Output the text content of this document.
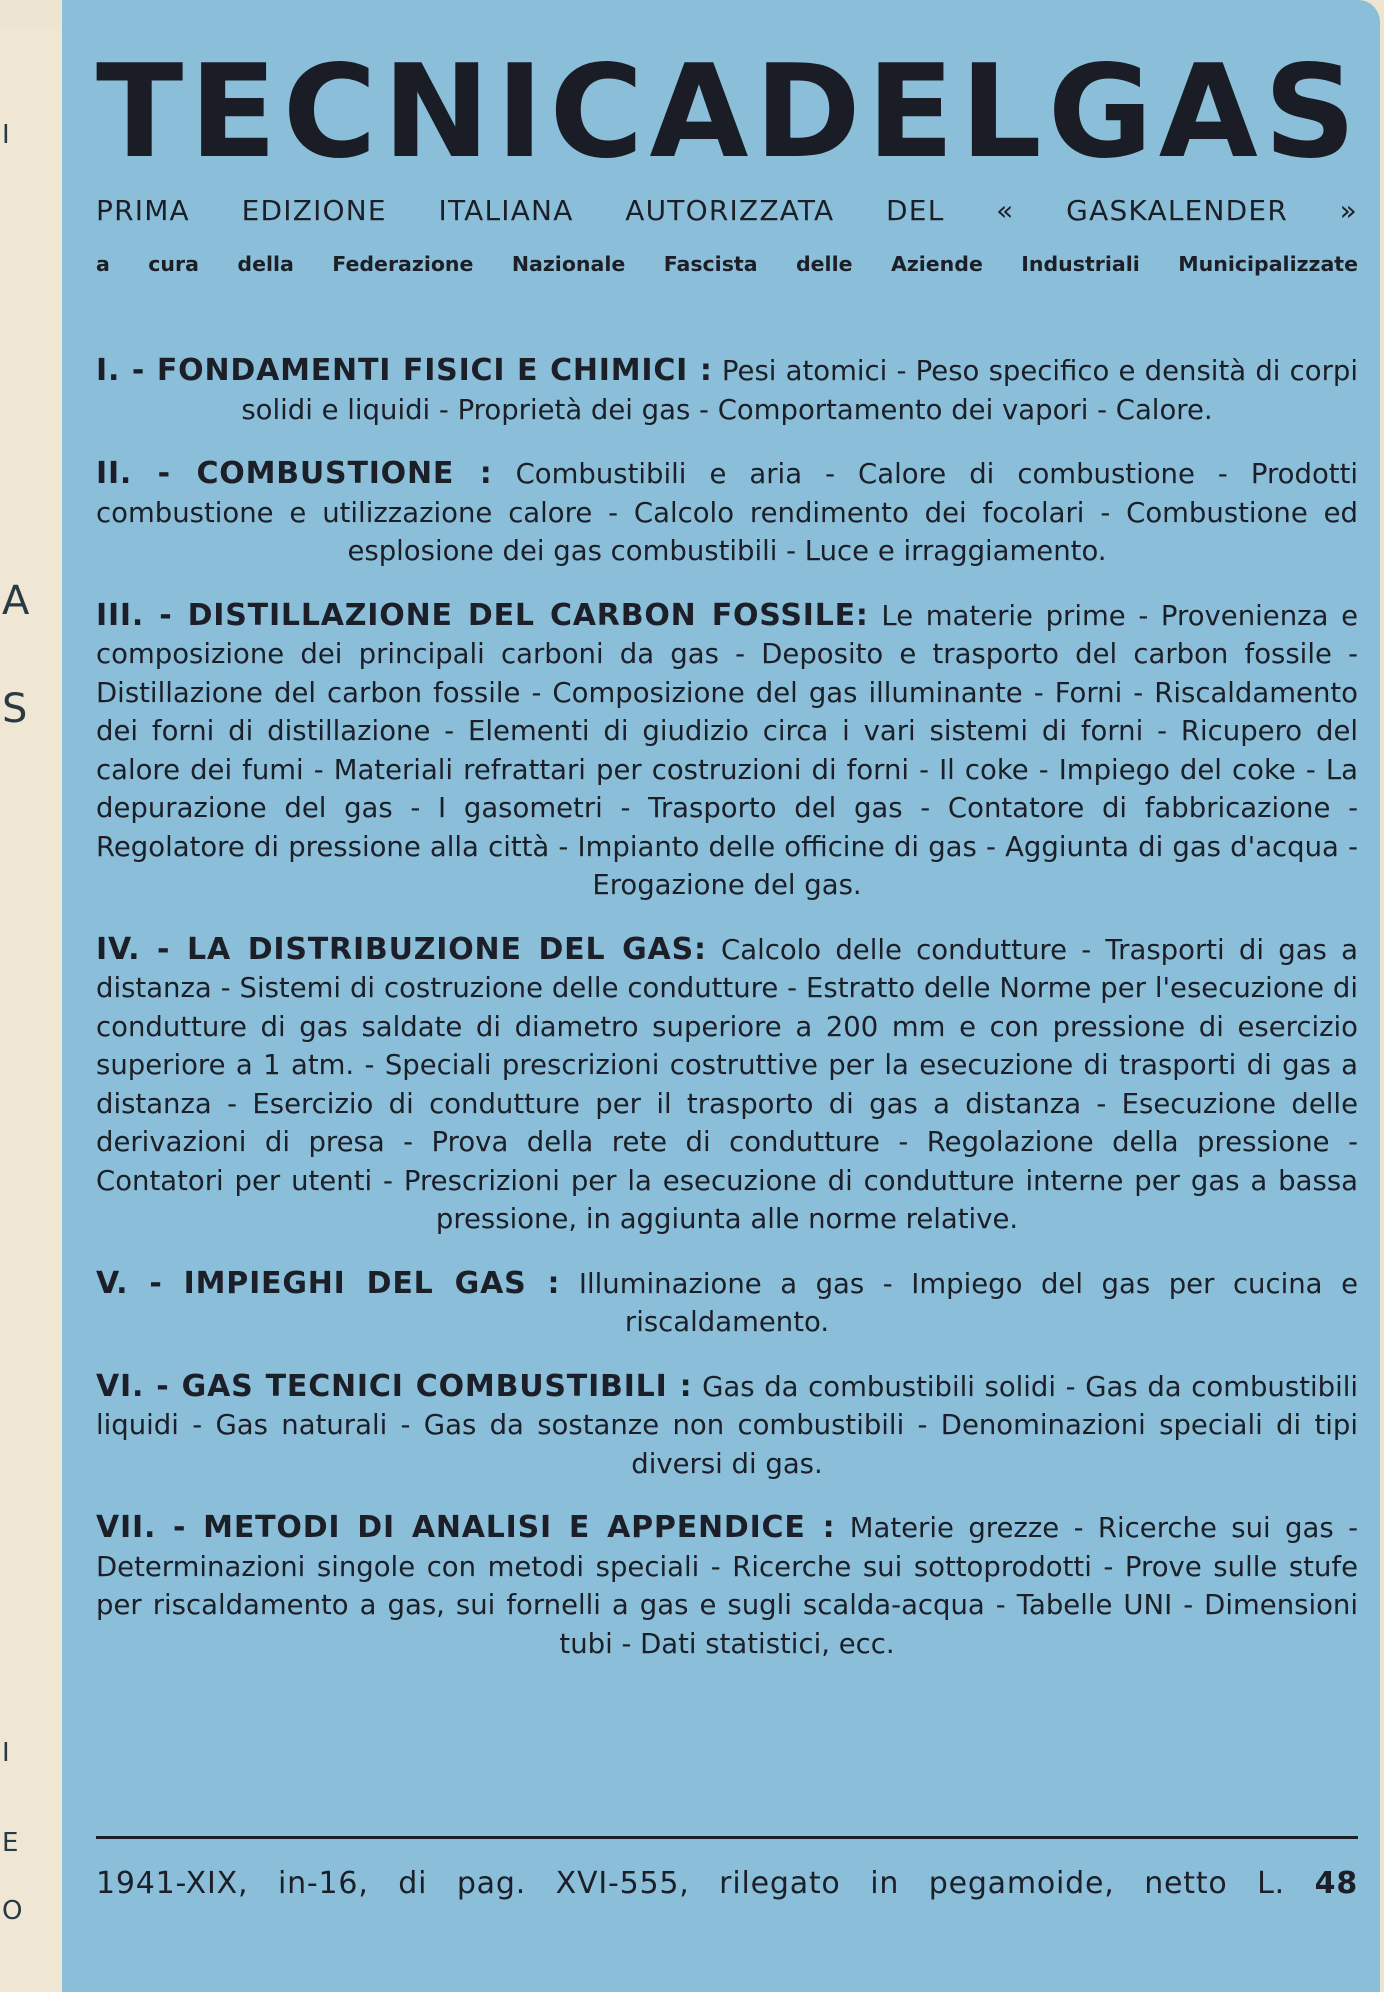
I
A
S
I
E
O
TECNICA DEL GAS
PRIMA EDIZIONE ITALIANA AUTORIZZATA DEL « GASKALENDER »
a cura della Federazione Nazionale Fascista delle Aziende Industriali Municipalizzate
I. - FONDAMENTI FISICI E CHIMICI : Pesi atomici - Peso specifico e densità di corpi solidi e liquidi - Proprietà dei gas - Comportamento dei vapori - Calore.
II. - COMBUSTIONE : Combustibili e aria - Calore di combustione - Prodotti combustione e utilizzazione calore - Calcolo rendimento dei focolari - Combustione ed esplosione dei gas combustibili - Luce e irraggiamento.
III. - DISTILLAZIONE DEL CARBON FOSSILE: Le materie prime - Provenienza e composizione dei principali carboni da gas - Deposito e trasporto del carbon fossile - Distillazione del carbon fossile - Composizione del gas illuminante - Forni - Riscaldamento dei forni di distillazione - Elementi di giudizio circa i vari sistemi di forni - Ricupero del calore dei fumi - Materiali refrattari per costruzioni di forni - Il coke - Impiego del coke - La depurazione del gas - I gasometri - Trasporto del gas - Contatore di fabbricazione - Regolatore di pressione alla città - Impianto delle officine di gas - Aggiunta di gas d'acqua - Erogazione del gas.
IV. - LA DISTRIBUZIONE DEL GAS: Calcolo delle condutture - Trasporti di gas a distanza - Sistemi di costruzione delle condutture - Estratto delle Norme per l'esecuzione di condutture di gas saldate di diametro superiore a 200 mm e con pressione di esercizio superiore a 1 atm. - Speciali prescrizioni costruttive per la esecuzione di trasporti di gas a distanza - Esercizio di condutture per il trasporto di gas a distanza - Esecuzione delle derivazioni di presa - Prova della rete di condutture - Regolazione della pressione - Contatori per utenti - Prescrizioni per la esecuzione di condutture interne per gas a bassa pressione, in aggiunta alle norme relative.
V. - IMPIEGHI DEL GAS : Illuminazione a gas - Impiego del gas per cucina e riscaldamento.
VI. - GAS TECNICI COMBUSTIBILI : Gas da combustibili solidi - Gas da combustibili liquidi - Gas naturali - Gas da sostanze non combustibili - Denominazioni speciali di tipi diversi di gas.
VII. - METODI DI ANALISI E APPENDICE : Materie grezze - Ricerche sui gas - Determinazioni singole con metodi speciali - Ricerche sui sottoprodotti - Prove sulle stufe per riscaldamento a gas, sui fornelli a gas e sugli scalda-acqua - Tabelle UNI - Dimensioni tubi - Dati statistici, ecc.
1941-XIX, in-16, di pag. XVI-555, rilegato in pegamoide, netto L. 48
